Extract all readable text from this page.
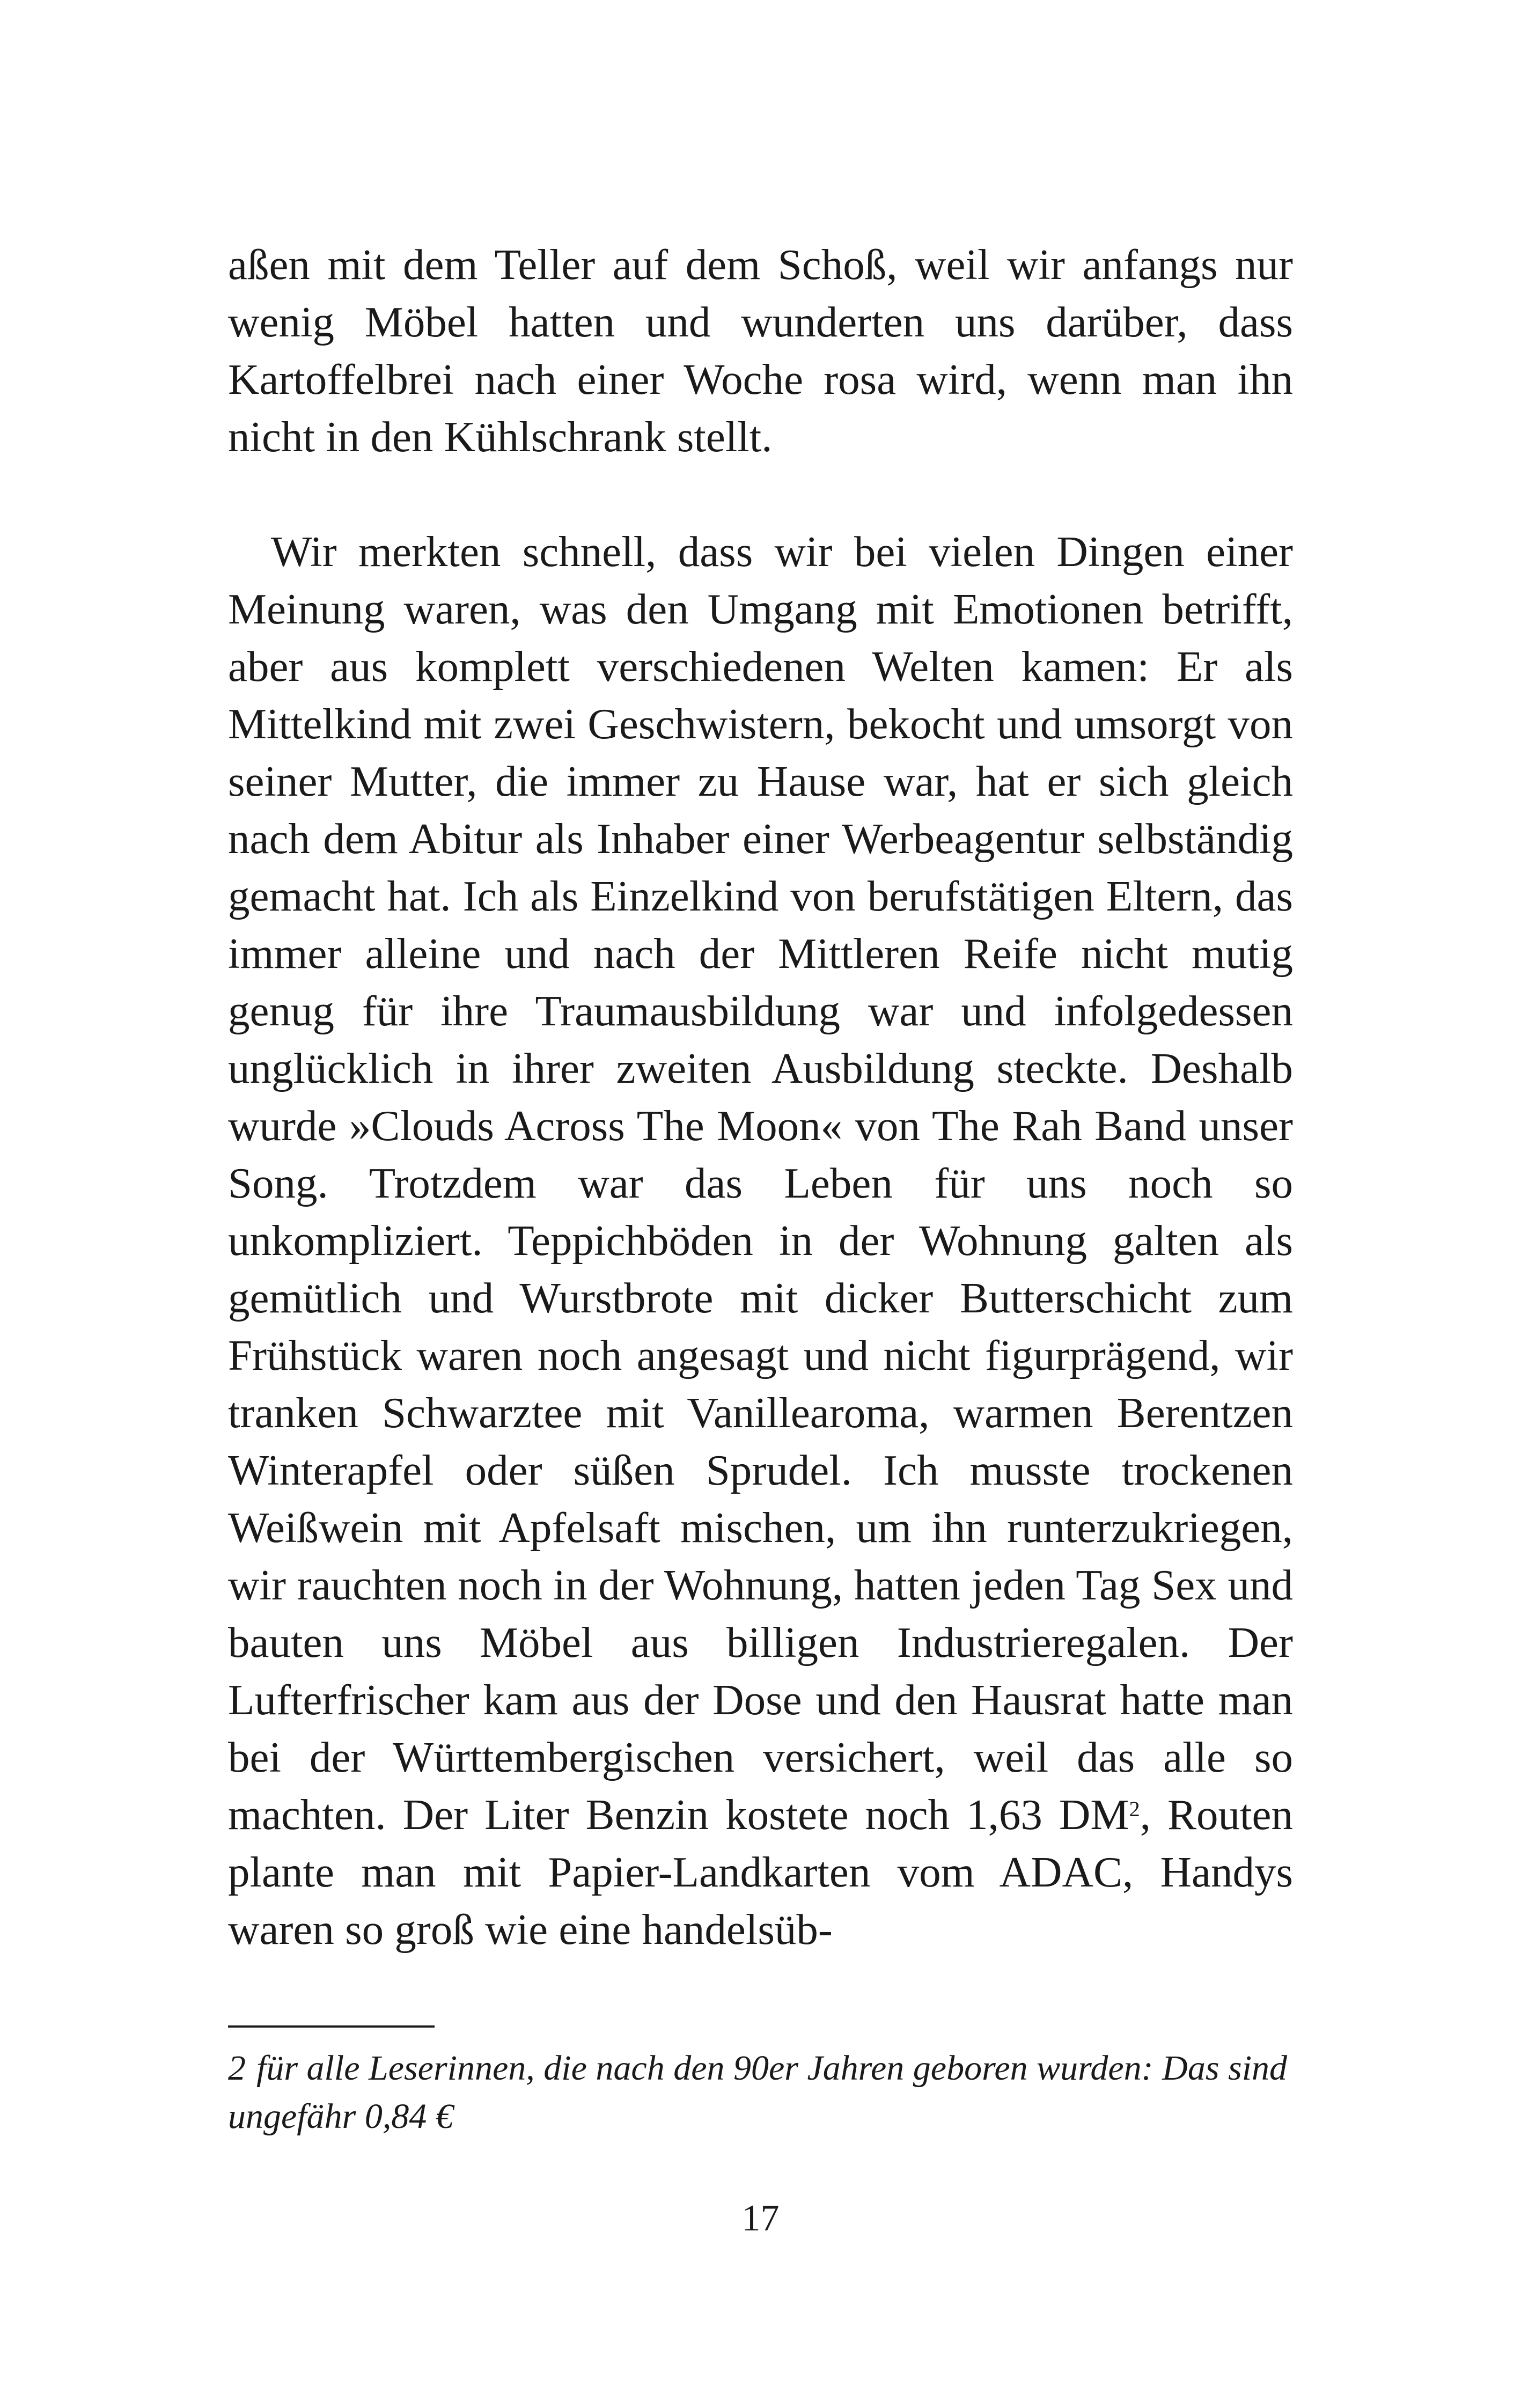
aßen mit dem Teller auf dem Schoß, weil wir anfangs nur wenig Möbel hatten und wunderten uns darüber, dass Kartoffelbrei nach einer Woche rosa wird, wenn man ihn nicht in den Kühlschrank stellt.

Wir merkten schnell, dass wir bei vielen Dingen einer Meinung waren, was den Umgang mit Emotionen betrifft, aber aus komplett verschiedenen Welten kamen: Er als Mittelkind mit zwei Geschwistern, bekocht und umsorgt von seiner Mutter, die immer zu Hause war, hat er sich gleich nach dem Abitur als Inhaber einer Werbeagentur selbständig gemacht hat. Ich als Einzelkind von berufstätigen Eltern, das immer alleine und nach der Mittleren Reife nicht mutig genug für ihre Traumausbildung war und infolgedessen unglücklich in ihrer zweiten Ausbildung steckte. Deshalb wurde »Clouds Across The Moon« von The Rah Band unser Song. Trotzdem war das Leben für uns noch so unkompliziert. Teppichböden in der Wohnung galten als gemütlich und Wurstbrote mit dicker Butterschicht zum Frühstück waren noch angesagt und nicht figurprägend, wir tranken Schwarztee mit Vanillearoma, warmen Berentzen Winterapfel oder süßen Sprudel. Ich musste trockenen Weißwein mit Apfelsaft mischen, um ihn runterzukriegen, wir rauchten noch in der Wohnung, hatten jeden Tag Sex und bauten uns Möbel aus billigen Industrieregalen. Der Lufterfrischer kam aus der Dose und den Hausrat hatte man bei der Württembergischen versichert, weil das alle so machten. Der Liter Benzin kostete noch 1,63 $DM^2$, Routen plante man mit Papier-Landkarten vom ADAC, Handys waren so groß wie eine handelsüb-

2 für alle Leserinnen, die nach den 90er Jahren geboren wurden: Das sind ungefähr 0,84 €

17
